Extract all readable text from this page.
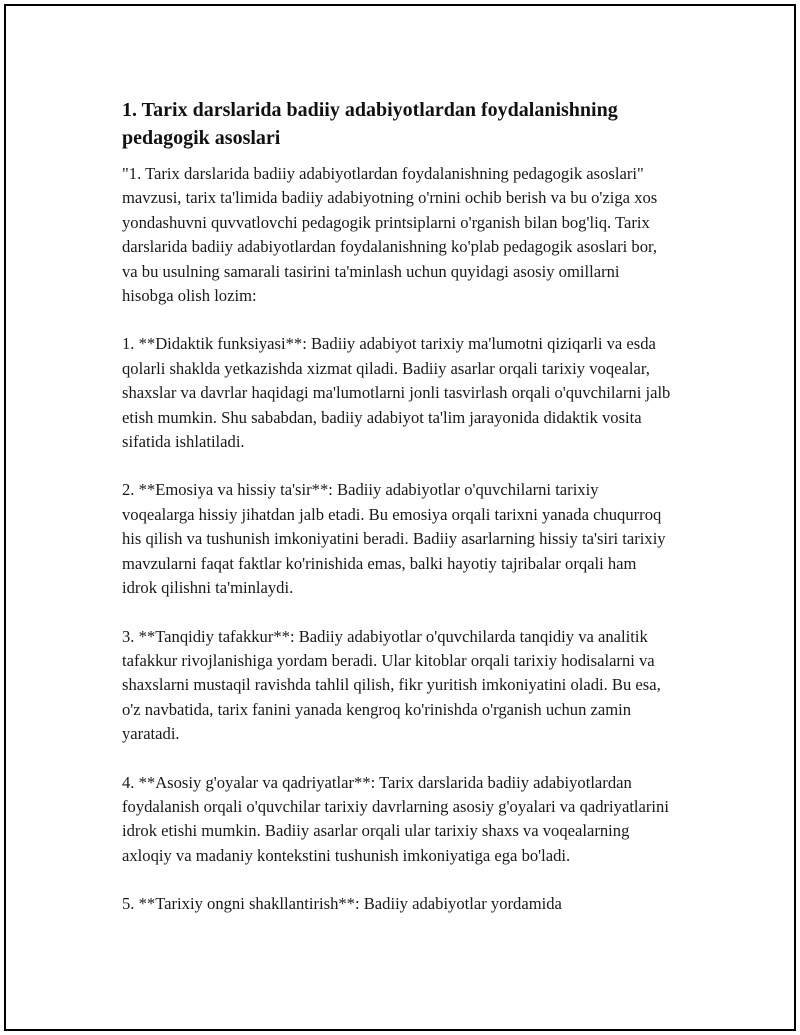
1. Tarix darslarida badiiy adabiyotlardan foydalanishning pedagogik asoslari

"1. Tarix darslarida badiiy adabiyotlardan foydalanishning pedagogik asoslari" mavzusi, tarix ta'limida badiiy adabiyotning o'rnini ochib berish va bu o'ziga xos yondashuvni quvvatlovchi pedagogik printsiplarni o'rganish bilan bog'liq. Tarix darslarida badiiy adabiyotlardan foydalanishning ko'plab pedagogik asoslari bor, va bu usulning samarali tasirini ta'minlash uchun quyidagi asosiy omillarni hisobga olish lozim:

1. **Didaktik funksiyasi**: Badiiy adabiyot tarixiy ma'lumotni qiziqarli va esda qolarli shaklda yetkazishda xizmat qiladi. Badiiy asarlar orqali tarixiy voqealar, shaxslar va davrlar haqidagi ma'lumotlarni jonli tasvirlash orqali o'quvchilarni jalb etish mumkin. Shu sababdan, badiiy adabiyot ta'lim jarayonida didaktik vosita sifatida ishlatiladi.

2. **Emosiya va hissiy ta'sir**: Badiiy adabiyotlar o'quvchilarni tarixiy voqealarga hissiy jihatdan jalb etadi. Bu emosiya orqali tarixni yanada chuqurroq his qilish va tushunish imkoniyatini beradi. Badiiy asarlarning hissiy ta'siri tarixiy mavzularni faqat faktlar ko'rinishida emas, balki hayotiy tajribalar orqali ham idrok qilishni ta'minlaydi.

3. **Tanqidiy tafakkur**: Badiiy adabiyotlar o'quvchilarda tanqidiy va analitik tafakkur rivojlanishiga yordam beradi. Ular kitoblar orqali tarixiy hodisalarni va shaxslarni mustaqil ravishda tahlil qilish, fikr yuritish imkoniyatini oladi. Bu esa, o'z navbatida, tarix fanini yanada kengroq ko'rinishda o'rganish uchun zamin yaratadi.

4. **Asosiy g'oyalar va qadriyatlar**: Tarix darslarida badiiy adabiyotlardan foydalanish orqali o'quvchilar tarixiy davrlarning asosiy g'oyalari va qadriyatlarini idrok etishi mumkin. Badiiy asarlar orqali ular tarixiy shaxs va voqealarning axloqiy va madaniy kontekstini tushunish imkoniyatiga ega bo'ladi.

5. **Tarixiy ongni shakllantirish**: Badiiy adabiyotlar yordamida
